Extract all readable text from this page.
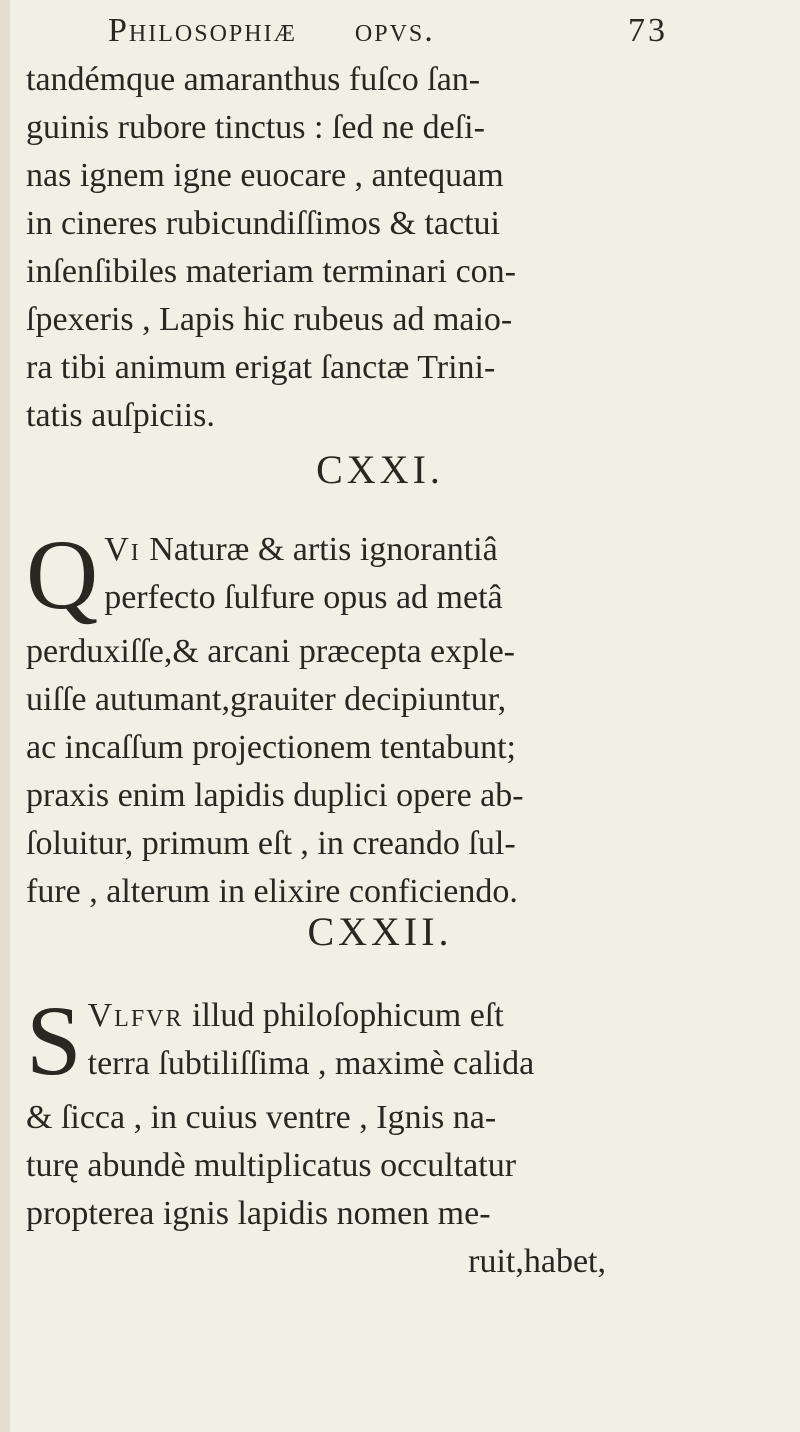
Philosophiæ opvs.	73
tandémque amaranthus fuſco ſan-
guinis rubore tinctus : ſed ne deſi-
nas ignem igne euocare , antequam
in cineres rubicundiſſimos & tactui
inſenſibiles materiam terminari con-
ſpexeris , Lapis hic rubeus ad maio-
ra tibi animum erigat ſanctæ Trini-
tatis auſpiciis.
CXXI.
Q Vi Naturæ & artis ignorantiâ
perfecto ſulfure opus ad metâ
perduxiſſe,& arcani præcepta exple-
uiſſe autumant,grauiter decipiuntur,
ac incaſſum projectionem tentabunt;
praxis enim lapidis duplici opere ab-
ſoluitur, primum eſt , in creando ſul-
fure , alterum in elixire conficiendo.
CXXII.
S Vlfvr illud philoſophicum eſt
terra ſubtiliſſima , maximè calida
& ſicca , in cuius ventre , Ignis na-
turę abundè multiplicatus occultatur
propterea ignis lapidis nomen me-
ruit,habet,
